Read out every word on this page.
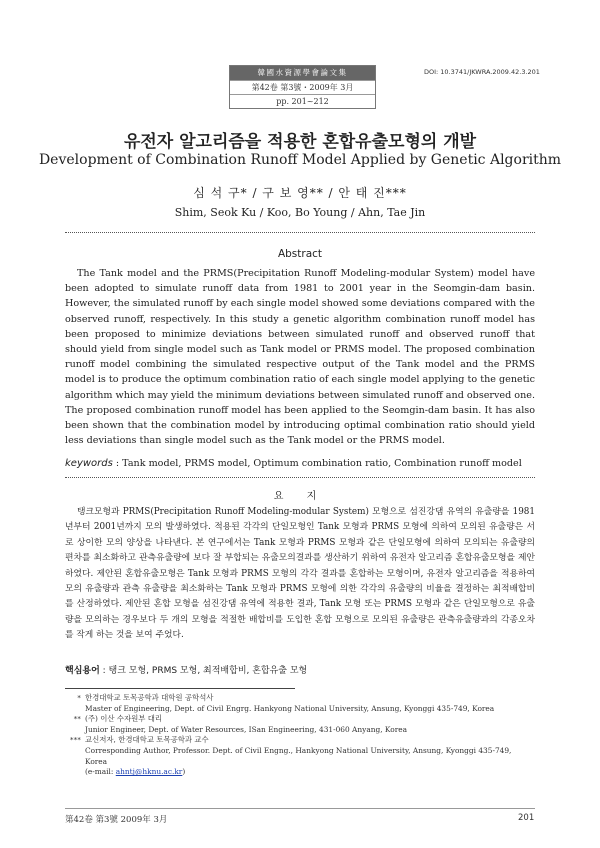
韓國水資源學會論文集
第42卷 第3號・2009年 3月
pp. 201~212
DOI: 10.3741/JKWRA.2009.42.3.201
유전자 알고리즘을 적용한 혼합유출모형의 개발
Development of Combination Runoff Model Applied by Genetic Algorithm
심 석 구* / 구 보 영** / 안 태 진***
Shim, Seok Ku / Koo, Bo Young / Ahn, Tae Jin
Abstract

The Tank model and the PRMS(Precipitation Runoff Modeling-modular System) model have been adopted to simulate runoff data from 1981 to 2001 year in the Seomgin-dam basin. However, the simulated runoff by each single model showed some deviations compared with the observed runoff, respectively. In this study a genetic algorithm combination runoff model has been proposed to minimize deviations between simulated runoff and observed runoff that should yield from single model such as Tank model or PRMS model. The proposed combination runoff model combining the simulated respective output of the Tank model and the PRMS model is to produce the optimum combination ratio of each single model applying to the genetic algorithm which may yield the minimum deviations between simulated runoff and observed one. The proposed combination runoff model has been applied to the Seomgin-dam basin. It has also been shown that the combination model by introducing optimal combination ratio should yield less deviations than single model such as the Tank model or the PRMS model.

keywords : Tank model, PRMS model, Optimum combination ratio, Combination runoff model
요 지

탱크모형과 PRMS(Precipitation Runoff Modeling-modular System) 모형으로 섬진강댐 유역의 유출량을 1981년부터 2001년까지 모의 발생하였다. 적용된 각각의 단일모형인 Tank 모형과 PRMS 모형에 의하여 모의된 유출량은 서로 상이한 모의 양상을 나타낸다. 본 연구에서는 Tank 모형과 PRMS 모형과 같은 단일모형에 의하여 모의되는 유출량의 편차를 최소화하고 관측유출량에 보다 잘 부합되는 유출모의결과를 생산하기 위하여 유전자 알고리즘 혼합유출모형을 제안하였다. 제안된 혼합유출모형은 Tank 모형과 PRMS 모형의 각각 결과를 혼합하는 모형이며, 유전자 알고리즘을 적용하여 모의 유출량과 관측 유출량을 최소화하는 Tank 모형과 PRMS 모형에 의한 각각의 유출량의 비율을 결정하는 최적배합비를 산정하였다. 제안된 혼합 모형을 섬진강댐 유역에 적용한 결과, Tank 모형 또는 PRMS 모형과 같은 단일모형으로 유출량을 모의하는 경우보다 두 개의 모형을 적절한 배합비를 도입한 혼합 모형으로 모의된 유출량은 관측유출량과의 각종오차를 작게 하는 것을 보여 주었다.

핵심용어 : 탱크 모형, PRMS 모형, 최적배합비, 혼합유출 모형
* 한경대학교 토목공학과 대학원 공학석사
Master of Engineering, Dept. of Civil Engrg. Hankyong National University, Ansung, Kyonggi 435-749, Korea
** (주) 이산 수자원부 대리
Junior Engineer, Dept. of Water Resources, ISan Engineering, 431-060 Anyang, Korea
*** 교신저자, 한경대학교 토목공학과 교수
Corresponding Author, Professor. Dept. of Civil Engng., Hankyong National University, Ansung, Kyonggi 435-749, Korea
(e-mail: ahntj@hknu.ac.kr)
第42卷 第3號 2009年 3月	201
